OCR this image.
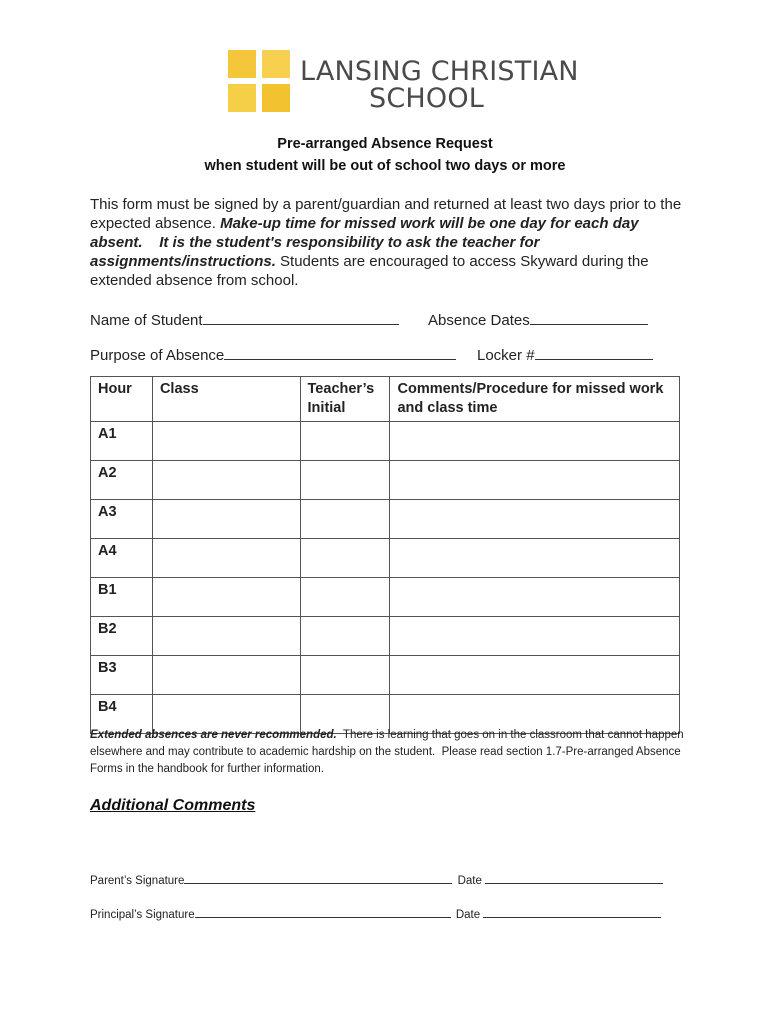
LANSING CHRISTIAN
SCHOOL
Pre-arranged Absence Request
when student will be out of school two days or more
This form must be signed by a parent/guardian and returned at least two days prior to the expected absence. Make-up time for missed work will be one day for each day absent. It is the student's responsibility to ask the teacher for assignments/instructions. Students are encouraged to access Skyward during the extended absence from school.
Name of Student	Absence Dates
Purpose of Absence	Locker #
Hour	Class	Teacher’s Initial	Comments/Procedure for missed work and class time
A1			
A2			
A3			
A4			
B1			
B2			
B3			
B4			
Extended absences are never recommended.  There is learning that goes on in the classroom that cannot happen elsewhere and may contribute to academic hardship on the student.  Please read section 1.7-Pre-arranged Absence Forms in the handbook for further information.
Additional Comments
Parent’s Signature	Date
Principal’s Signature	Date
